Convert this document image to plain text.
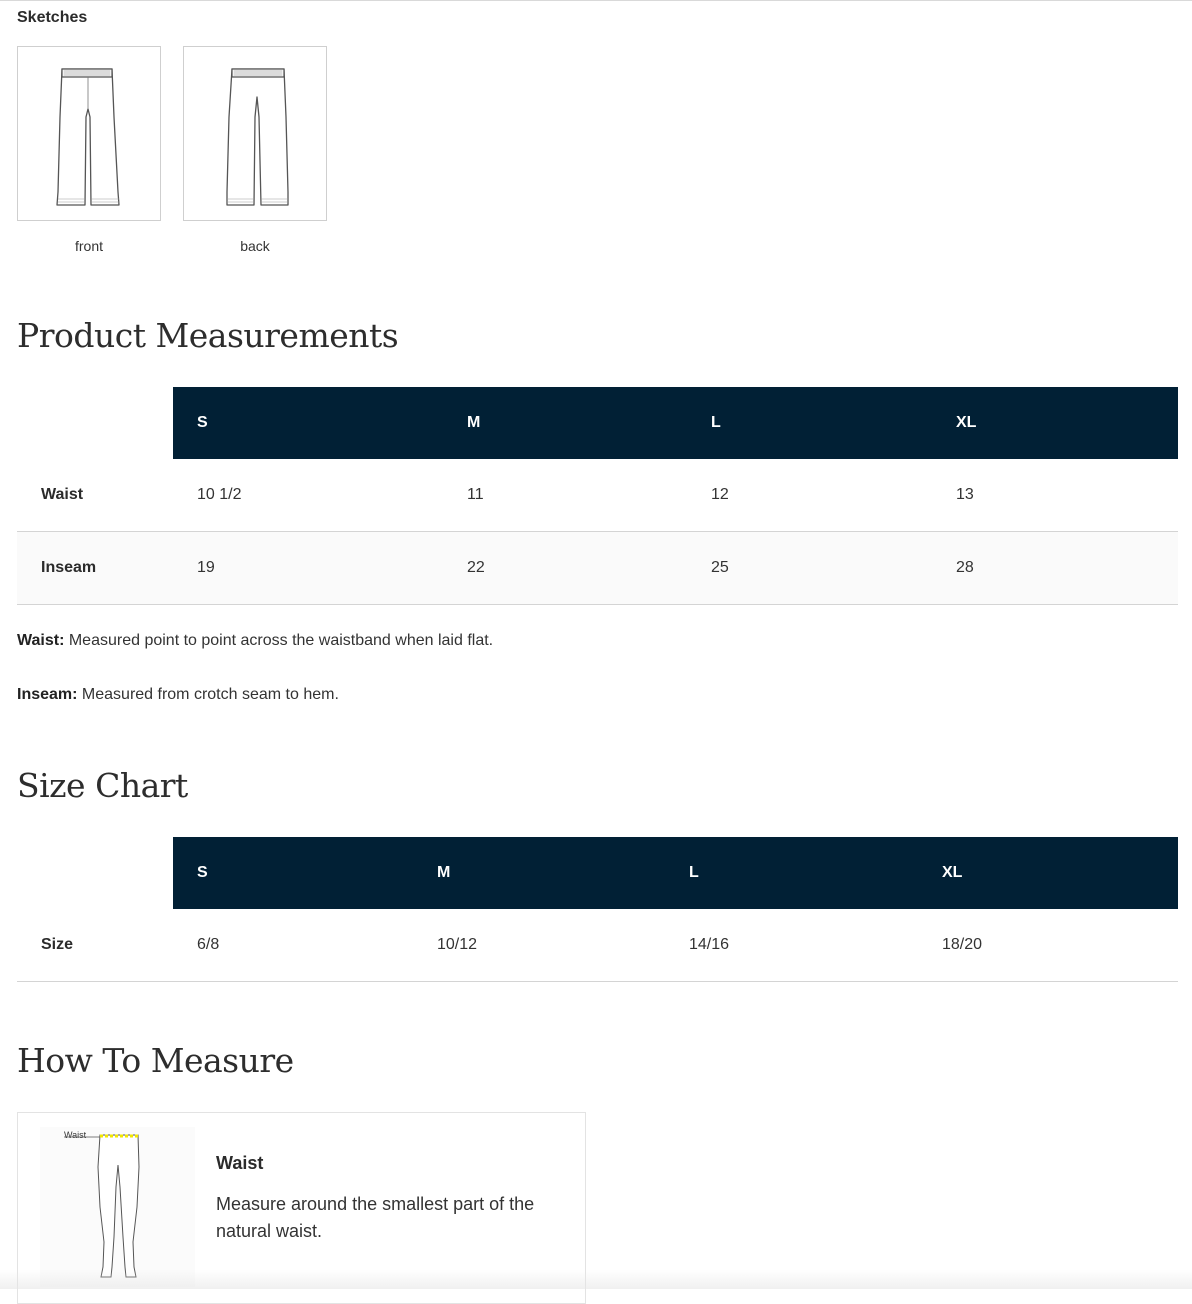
Sketches
front	back
Product Measurements
S	M	L	XL
Waist	10 1/2	11	12	13
Inseam	19	22	25	28

Waist: Measured point to point across the waistband when laid flat.

Inseam: Measured from crotch seam to hem.

Size Chart
S	M	L	XL
Size	6/8	10/12	14/16	18/20
How To Measure
Waist
Waist

Measure around the smallest part of the natural waist.
